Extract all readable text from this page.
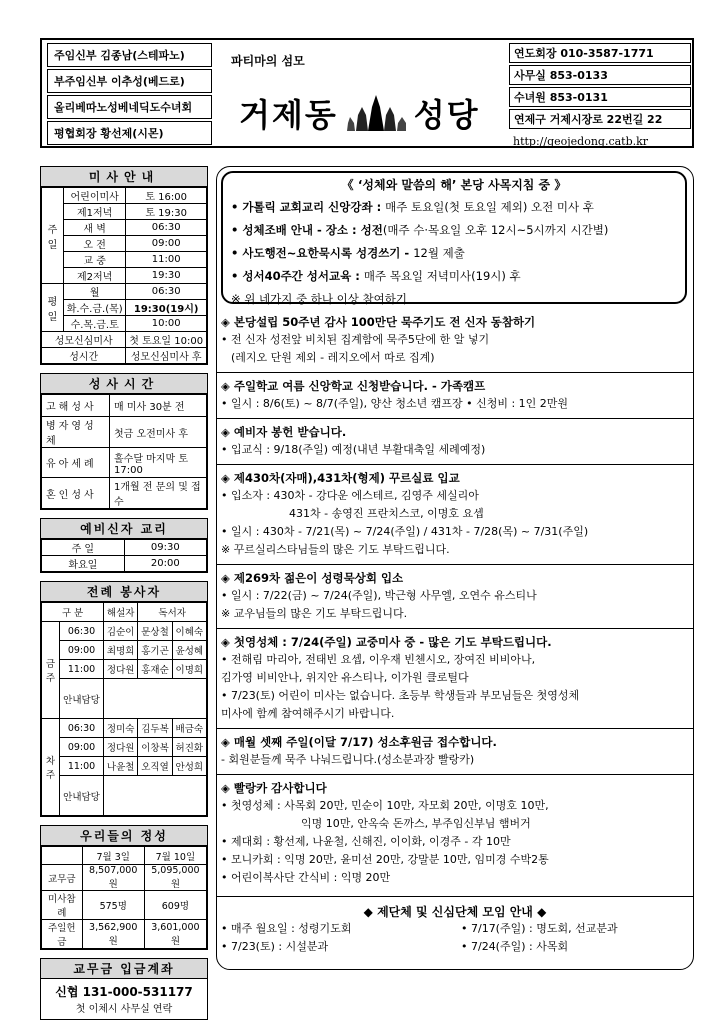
주임신부 김종남(스테파노)
부주임신부 이추성(베드로)
올리베따노성베네딕도수녀회
평협회장 황선제(시몬)
파티마의 섬모
거제동 성당
연도회장 010-3587-1771
사무실 853-0133
수녀원 853-0131
연제구 거제시장로 22번길 22
http://geojedong.catb.kr
미사안내
주일	어린이미사	토 16:00
	제1저녁	토 19:30
	새 벽	06:30
	오 전	09:00
	교 중	11:00
	제2저녁	19:30
평일	월	06:30
	화.수.금.(목)	19:30(19시)
	수.목.금.토	10:00
성모신심미사		첫 토요일 10:00
성시간		성모신심미사 후
성사시간
고해성사	매 미사 30분 전
병자영성체	첫금 오전미사 후
유아세례	홀수달 마지막 토 17:00
혼인성사	1개월 전 문의 및 접수
예비신자 교리
주 일	09:30
화요일	20:00
전례 봉사자
구 분		해설자	독서자	
금주	06:30	김순이	문상철	이혜숙
	09:00	최명희	홍기곤	윤성혜
	11:00	정다원	홍재순	이명희
	안내담당			
차주	06:30	정미숙	김두복	배금숙
	09:00	정다원	이창복	허진화
	11:00	나윤철	오직열	안성희
	안내담당			
우리들의 정성
	7월 3일	7월 10일
교무금	8,507,000원	5,095,000원
미사참례	575명	609명
주일헌금	3,562,900원	3,601,000원
교무금 입금계좌
신협 131-000-531177
첫 이체시 사무실 연락
《 ‘성체와 말씀의 해’ 본당 사목지침 중 》
• 가톨릭 교회교리 신앙강좌 : 매주 토요일(첫 토요일 제외) 오전 미사 후
• 성체조배 안내 - 장소 : 성전(매주 수·목요일 오후 12시~5시까지 시간별)
• 사도행전~요한묵시록 성경쓰기 - 12월 제출
• 성서40주간 성서교육 : 매주 목요일 저녁미사(19시) 후
※ 위 네가지 중 하나 이상 참여하기
◈ 본당설립 50주년 감사 100만단 묵주기도 전 신자 동참하기
• 전 신자 성전앞 비치된 집계함에 묵주5단에 한 알 넣기
(레지오 단원 제외 - 레지오에서 따로 집계)
◈ 주일학교 여름 신앙학교 신청받습니다. - 가족캠프
• 일시 : 8/6(토) ~ 8/7(주일), 양산 청소년 캠프장 • 신청비 : 1인 2만원
◈ 예비자 봉헌 받습니다.
• 입교식 : 9/18(주일) 예정(내년 부활대축일 세례예정)
◈ 제430차(자매),431차(형제) 꾸르실료 입교
• 입소자 : 430차 - 강다운 에스테르, 김영주 세실리아
431차 - 송영진 프란치스코, 이명호 요셉
• 일시 : 430차 - 7/21(목) ~ 7/24(주일) / 431차 - 7/28(목) ~ 7/31(주일)
※ 꾸르실리스타님들의 많은 기도 부탁드립니다.
◈ 제269차 젊은이 성령묵상회 입소
• 일시 : 7/22(금) ~ 7/24(주일), 박근형 사무엘, 오연수 유스티나
※ 교우님들의 많은 기도 부탁드립니다.
◈ 첫영성체 : 7/24(주일) 교중미사 중 - 많은 기도 부탁드립니다.
• 전해림 마리아, 전태빈 요셉, 이우재 빈첸시오, 장여진 비비아나,
김가영 비비안나, 위지안 유스티나, 이가원 클로틸다
• 7/23(토) 어린이 미사는 없습니다. 초등부 학생들과 부모님들은 첫영성체
미사에 함께 참여해주시기 바랍니다.
◈ 매월 셋째 주일(이달 7/17) 성소후원금 접수합니다.
- 회원분들께 묵주 나눠드립니다.(성소분과장 빨랑카)
◈ 빨랑카 감사합니다
• 첫영성체 : 사목회 20만, 민순이 10만, 자모회 20만, 이명호 10만,
익명 10만, 안옥숙 돈까스, 부주임신부님 햄버거
• 제대회 : 황선제, 나윤철, 신해진, 이이화, 이경주 - 각 10만
• 모니카회 : 익명 20만, 윤미선 20만, 강말분 10만, 임미경 수박2통
• 어린이복사단 간식비 : 익명 20만
◆ 제단체 및 신심단체 모임 안내 ◆
• 매주 월요일 : 성령기도회	• 7/17(주일) : 명도회, 선교분과
• 7/23(토) : 시설분과	• 7/24(주일) : 사목회
